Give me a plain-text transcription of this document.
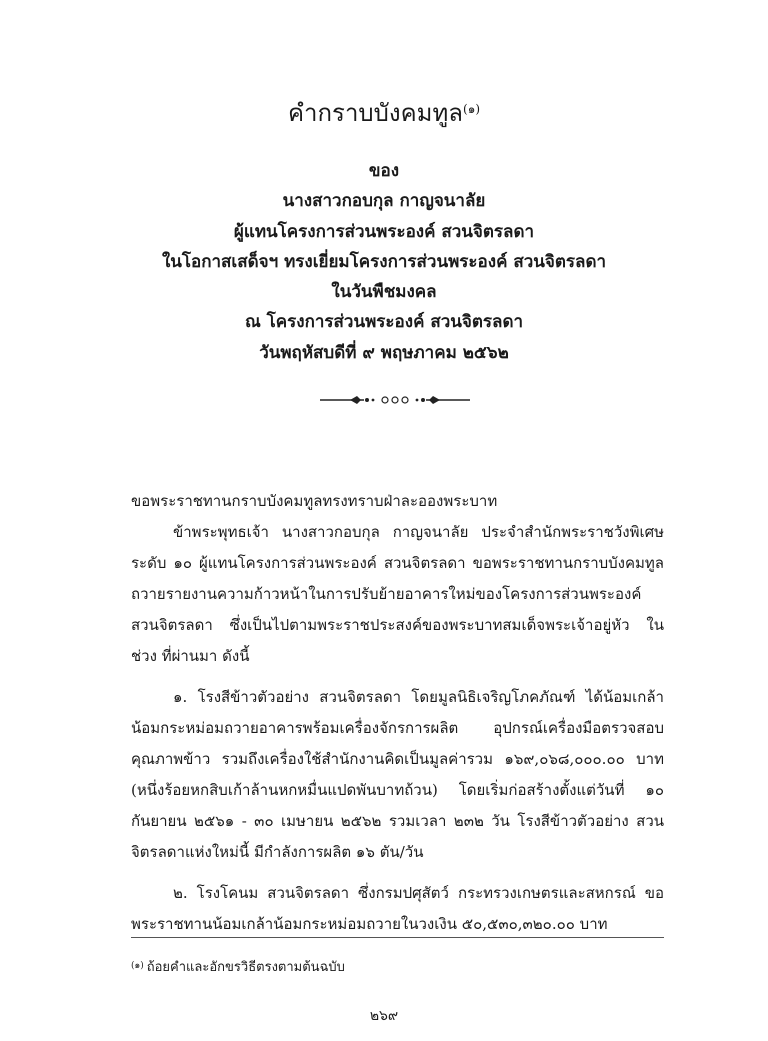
คำกราบบังคมทูล$^{(๑)}$
ของ
นางสาวกอบกุล กาญจนาลัย
ผู้แทนโครงการส่วนพระองค์ สวนจิตรลดา
ในโอกาสเสด็จฯ ทรงเยี่ยมโครงการส่วนพระองค์ สวนจิตรลดา
ในวันพืชมงคล
ณ โครงการส่วนพระองค์ สวนจิตรลดา
วันพฤหัสบดีที่ ๙ พฤษภาคม ๒๕๖๒

ขอพระราชทานกราบบังคมทูลทรงทราบฝ่าละอองพระบาท

ข้าพระพุทธเจ้า นางสาวกอบกุล กาญจนาลัย ประจำสำนักพระราชวังพิเศษ ระดับ ๑๐ ผู้แทนโครงการส่วนพระองค์ สวนจิตรลดา ขอพระราชทานกราบบังคมทูล ถวายรายงานความก้าวหน้าในการปรับย้ายอาคารใหม่ของโครงการส่วนพระองค์ สวนจิตรลดา ซึ่งเป็นไปตามพระราชประสงค์ของพระบาทสมเด็จพระเจ้าอยู่หัว ในช่วง ที่ผ่านมา ดังนี้

๑. โรงสีข้าวตัวอย่าง สวนจิตรลดา โดยมูลนิธิเจริญโภคภัณฑ์ ได้น้อมเกล้า น้อมกระหม่อมถวายอาคารพร้อมเครื่องจักรการผลิต อุปกรณ์เครื่องมือตรวจสอบ คุณภาพข้าว รวมถึงเครื่องใช้สำนักงานคิดเป็นมูลค่ารวม ๑๖๙,๐๖๘,๐๐๐.๐๐ บาท (หนึ่งร้อยหกสิบเก้าล้านหกหมื่นแปดพันบาทถ้วน) โดยเริ่มก่อสร้างตั้งแต่วันที่ ๑๐ กันยายน ๒๕๖๑ - ๓๐ เมษายน ๒๕๖๒ รวมเวลา ๒๓๒ วัน โรงสีข้าวตัวอย่าง สวนจิตรลดาแห่งใหม่นี้ มีกำลังการผลิต ๑๖ ตัน/วัน

๒. โรงโคนม สวนจิตรลดา ซึ่งกรมปศุสัตว์ กระทรวงเกษตรและสหกรณ์ ขอพระราชทานน้อมเกล้าน้อมกระหม่อมถวายในวงเงิน ๕๐,๕๓๐,๓๒๐.๐๐ บาท

$^{(๑)}$ ถ้อยคำและอักขรวิธีตรงตามต้นฉบับ
๒๖๙
